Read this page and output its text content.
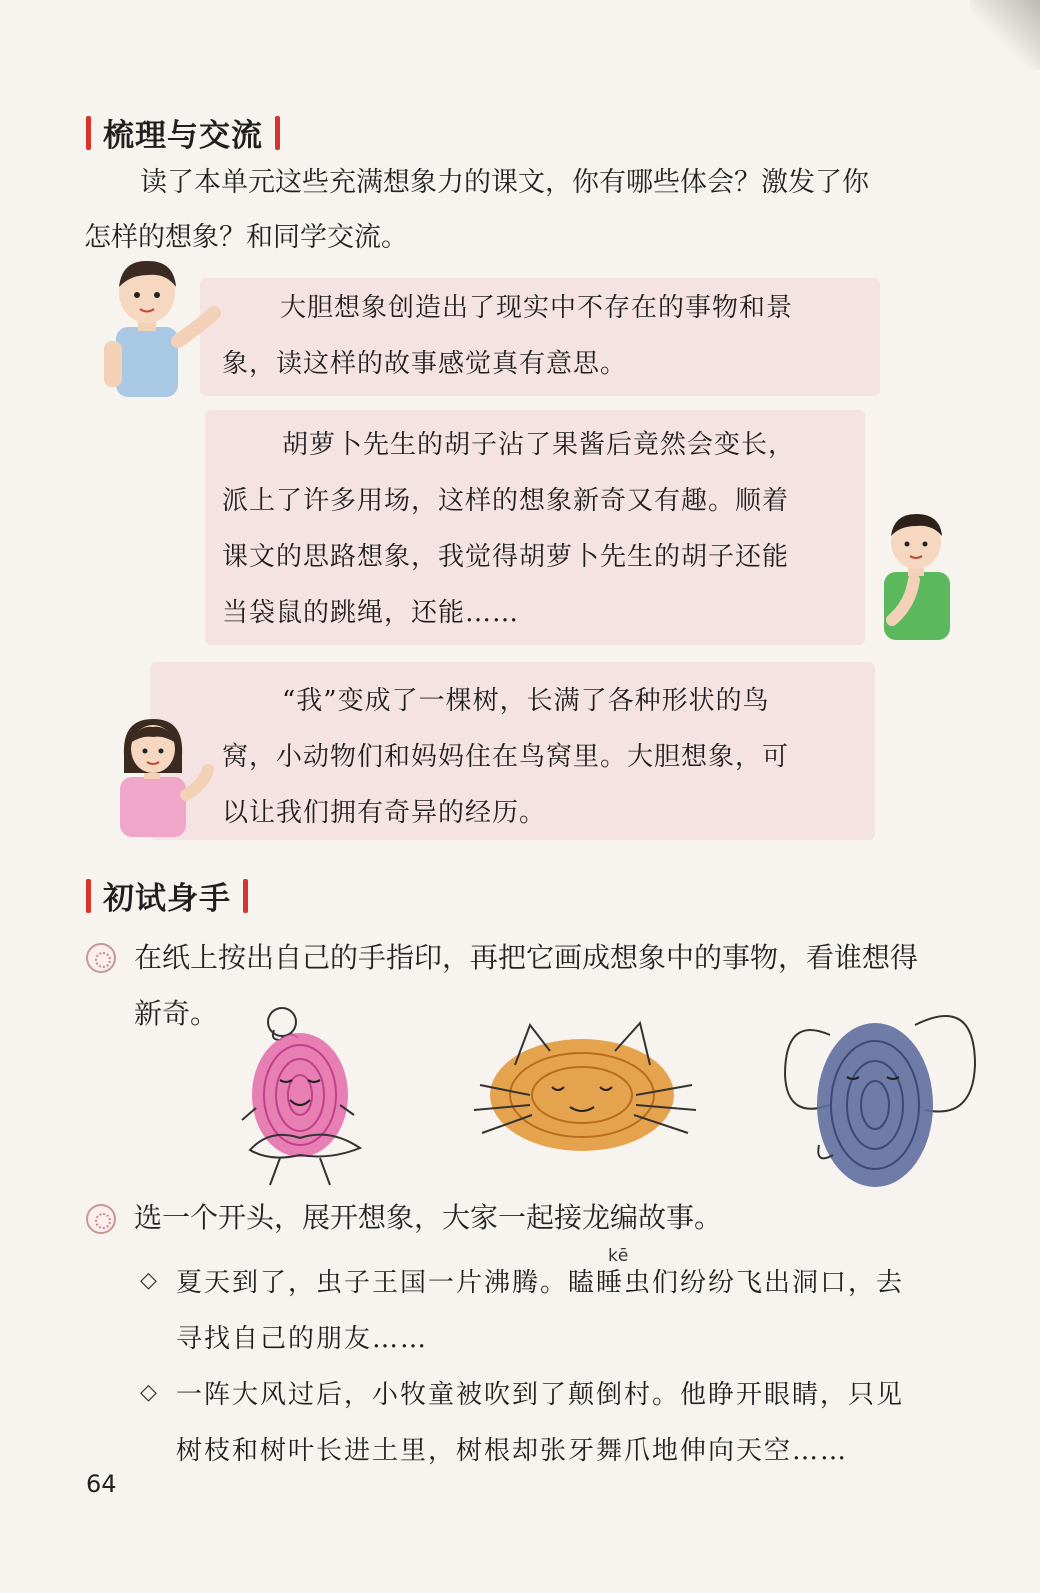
梳理与交流

读了本单元这些充满想象力的课文，你有哪些体会？激发了你

怎样的想象？和同学交流。

大胆想象创造出了现实中不存在的事物和景

象，读这样的故事感觉真有意思。

胡萝卜先生的胡子沾了果酱后竟然会变长，

派上了许多用场，这样的想象新奇又有趣。顺着

课文的思路想象，我觉得胡萝卜先生的胡子还能

当袋鼠的跳绳，还能……

“我”变成了一棵树，长满了各种形状的鸟

窝，小动物们和妈妈住在鸟窝里。大胆想象，可

以让我们拥有奇异的经历。

初试身手

在纸上按出自己的手指印，再把它画成想象中的事物，看谁想得

新奇。

选一个开头，展开想象，大家一起接龙编故事。

kē
◇ 夏天到了，虫子王国一片沸腾。瞌睡虫们纷纷飞出洞口，去

寻找自己的朋友……

◇ 一阵大风过后，小牧童被吹到了颠倒村。他睁开眼睛，只见

树枝和树叶长进土里，树根却张牙舞爪地伸向天空……

64
